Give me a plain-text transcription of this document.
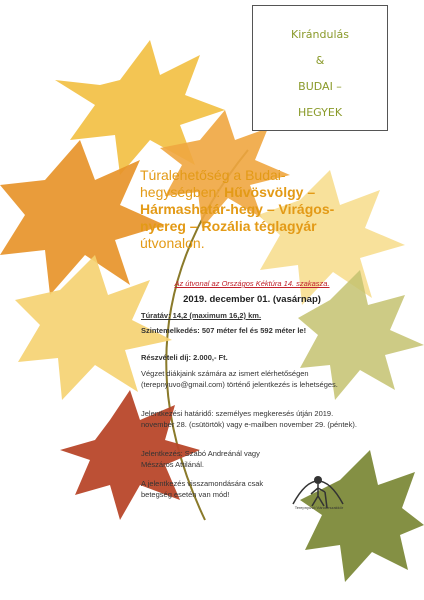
Kirándulás
&
BUDAI –
HEGYEK
Túralehetőség a Budai-hegységben: Hűvösvölgy – Hármashatár-hegy – Virágos-nyereg – Rozália téglagyár útvonalon.
Az útvonal az Országos Kéktúra 14. szakasza.
2019. december 01. (vasárnap)
Túratáv: 14,2 (maximum 16,2) km.
Szintemelkedés: 507 méter fel és 592 méter le!
Részvételi díj: 2.000,- Ft.
Végzet diákjaink számára az ismert elérhetőségen (terepnyuvo@gmail.com) történő jelentkezés is lehetséges.
Jelentkezési határidő: személyes megkeresés útján 2019. november 28. (csütörtök) vagy e-mailben november 29. (péntek).
Jelentkezés: Szabó Andreánál vagy Mészáros Attilánál.
A jelentkezés visszamondására csak betegség esetén van mód!
Terepnyúvó Vándorszakkör
